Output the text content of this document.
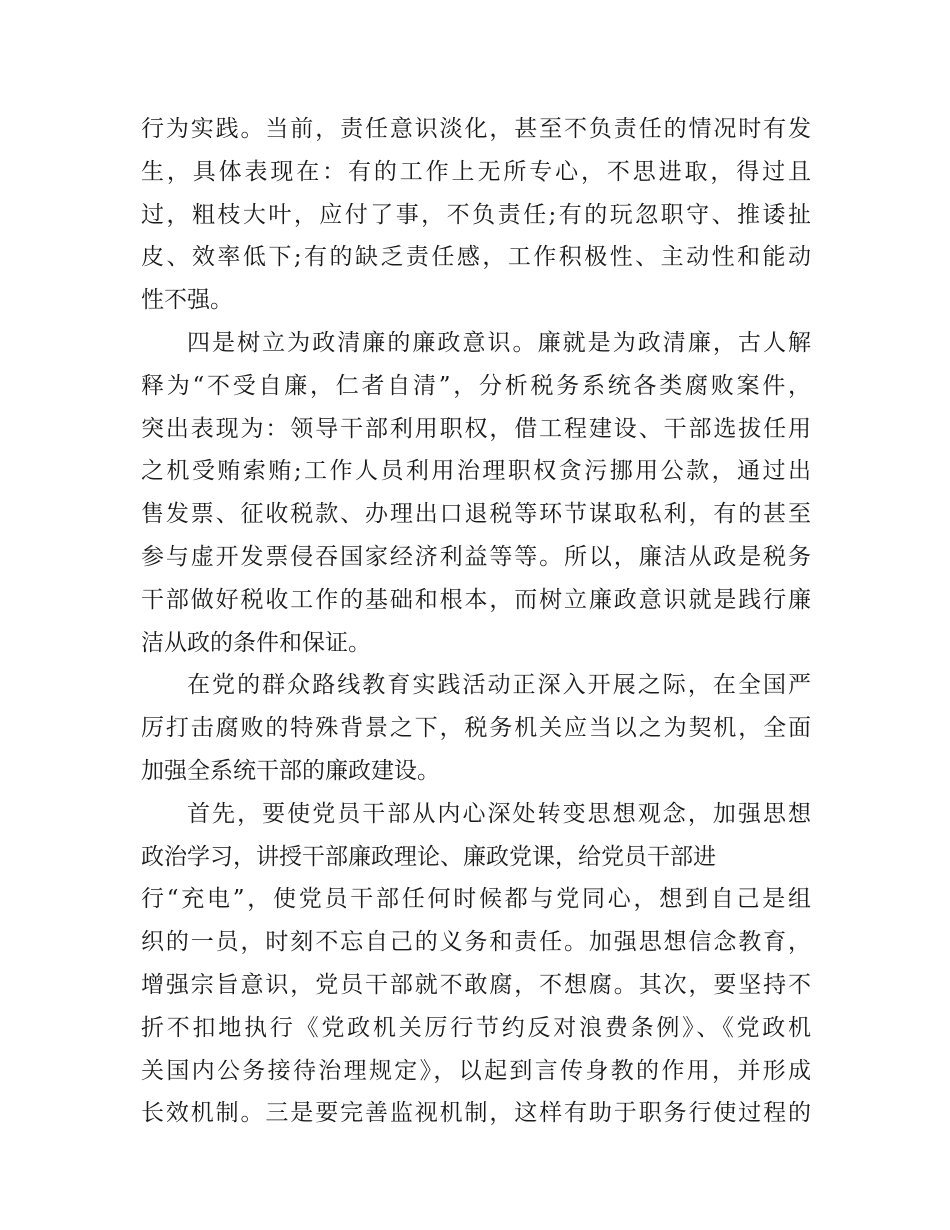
行为实践。当前，责任意识淡化，甚至不负责任的情况时有发
生，具体表现在：有的工作上无所专心，不思进取，得过且
过，粗枝大叶，应付了事，不负责任;有的玩忽职守、推诿扯
皮、效率低下;有的缺乏责任感，工作积极性、主动性和能动
性不强。
四是树立为政清廉的廉政意识。廉就是为政清廉，古人解
释为“不受自廉，仁者自清”，分析税务系统各类腐败案件，
突出表现为：领导干部利用职权，借工程建设、干部选拔任用
之机受贿索贿;工作人员利用治理职权贪污挪用公款，通过出
售发票、征收税款、办理出口退税等环节谋取私利，有的甚至
参与虚开发票侵吞国家经济利益等等。所以，廉洁从政是税务
干部做好税收工作的基础和根本，而树立廉政意识就是践行廉
洁从政的条件和保证。
在党的群众路线教育实践活动正深入开展之际，在全国严
厉打击腐败的特殊背景之下，税务机关应当以之为契机，全面
加强全系统干部的廉政建设。
首先，要使党员干部从内心深处转变思想观念，加强思想
政治学习，讲授干部廉政理论、廉政党课，给党员干部进
行“充电”，使党员干部任何时候都与党同心，想到自己是组
织的一员，时刻不忘自己的义务和责任。加强思想信念教育，
增强宗旨意识，党员干部就不敢腐，不想腐。其次，要坚持不
折不扣地执行《党政机关厉行节约反对浪费条例》、《党政机
关国内公务接待治理规定》，以起到言传身教的作用，并形成
长效机制。三是要完善监视机制，这样有助于职务行使过程的
